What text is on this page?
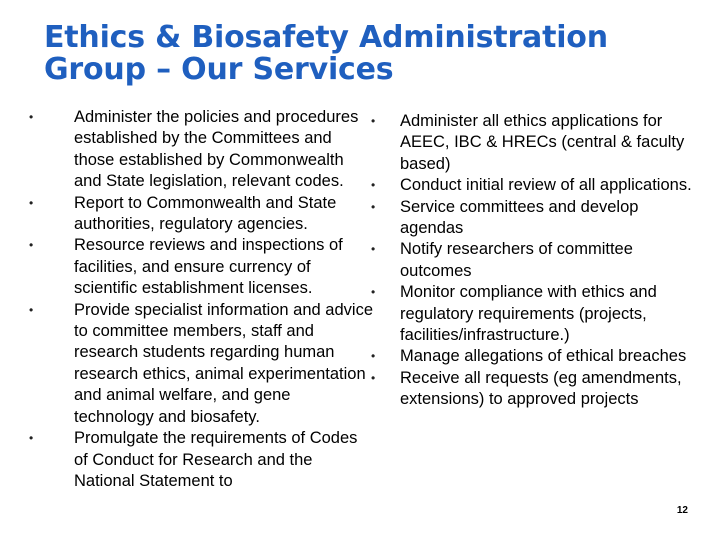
Ethics & Biosafety Administration Group – Our Services
• Administer the policies and procedures established by the Committees and those established by Commonwealth and State legislation, relevant codes.
• Report to Commonwealth and State authorities, regulatory agencies.
• Resource reviews and inspections of facilities, and ensure currency of scientific establishment licenses.
• Provide specialist information and advice to committee members, staff and research students regarding human research ethics, animal experimentation and animal welfare, and gene technology and biosafety.
• Promulgate the requirements of Codes of Conduct for Research and the National Statement to
• Administer all ethics applications for AEEC, IBC & HRECs (central & faculty based)
• Conduct initial review of all applications.
• Service committees and develop agendas
• Notify researchers of committee outcomes
• Monitor compliance with ethics and regulatory requirements (projects, facilities/infrastructure.)
• Manage allegations of ethical breaches
• Receive all requests (eg amendments, extensions) to approved projects
12
